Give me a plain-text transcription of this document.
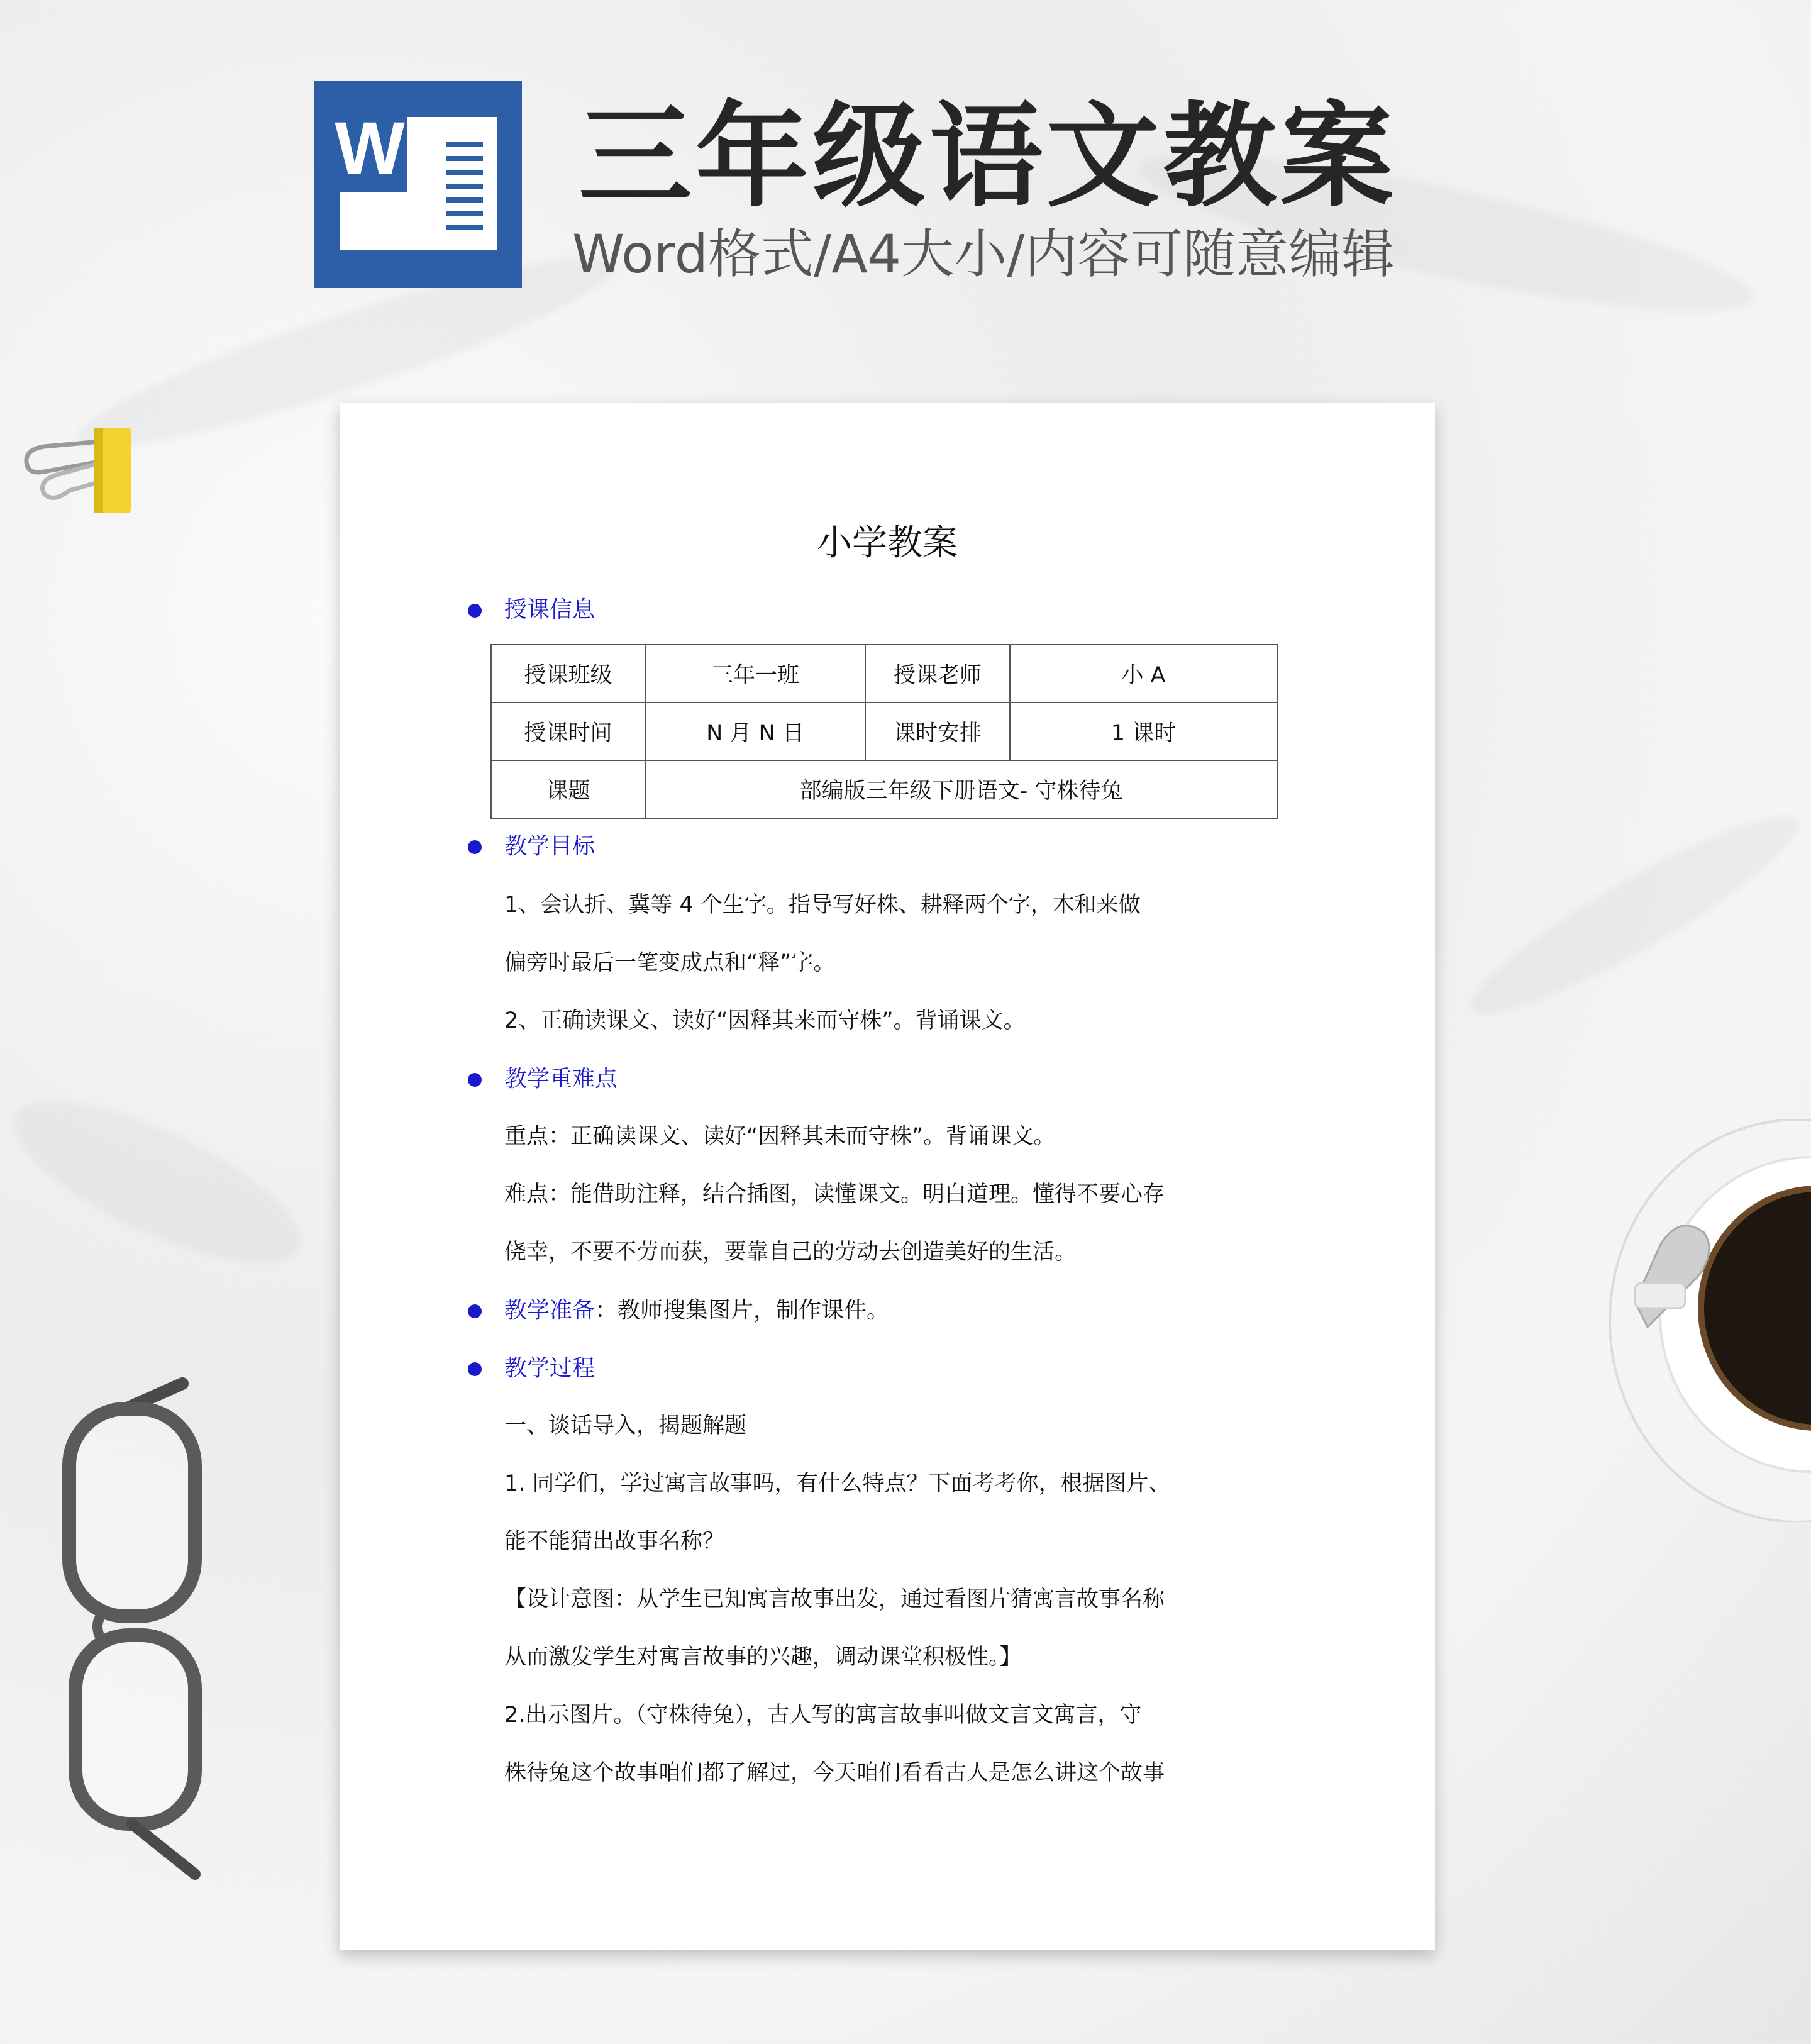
W 三年级语文教案
Word格式/A4大小/内容可随意编辑
小学教案
授课信息
授课班级	三年一班	授课老师	小 A
授课时间	N 月 N 日	课时安排	1 课时
课题	部编版三年级下册语文- 守株待兔		
教学目标
1、会认折、冀等 4 个生字。指导写好株、耕释两个字，木和来做
偏旁时最后一笔变成点和“释”字。
2、正确读课文、读好“因释其来而守株”。背诵课文。
教学重难点
重点：正确读课文、读好“因释其未而守株”。背诵课文。
难点：能借助注释，结合插图，读懂课文。明白道理。懂得不要心存
侥幸，不要不劳而获，要靠自己的劳动去创造美好的生活。
教学准备：教师搜集图片，制作课件。
教学过程
一、谈话导入，揭题解题
1. 同学们，学过寓言故事吗，有什么特点？下面考考你，根据图片、
能不能猜出故事名称？
【设计意图：从学生已知寓言故事出发，通过看图片猜寓言故事名称
从而激发学生对寓言故事的兴趣，调动课堂积极性。】
2.出示图片。（守株待兔），古人写的寓言故事叫做文言文寓言，守
株待兔这个故事咱们都了解过，今天咱们看看古人是怎么讲这个故事
